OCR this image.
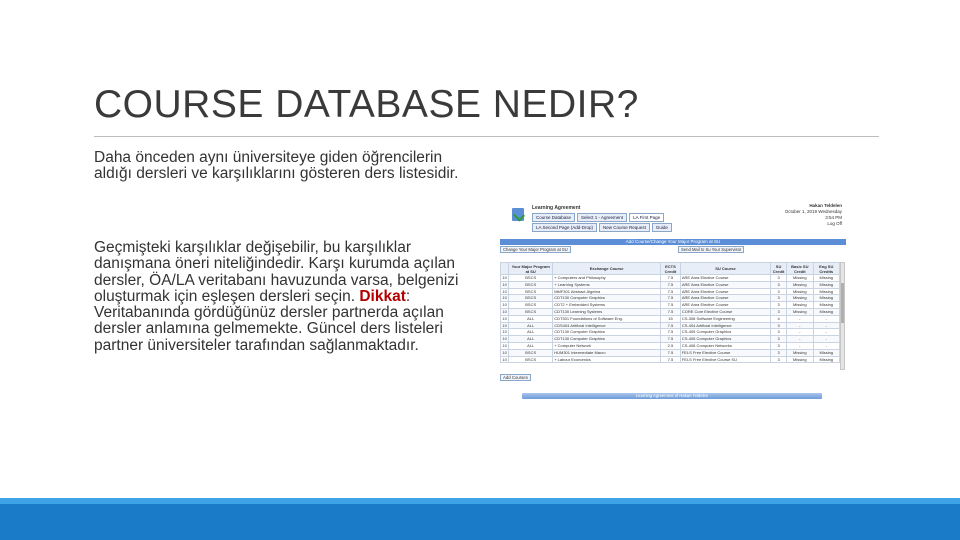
COURSE DATABASE NEDIR?
Daha önceden aynı üniversiteye giden öğrencilerin aldığı dersleri ve karşılıklarını gösteren ders listesidir.
Geçmişteki karşılıklar değişebilir, bu karşılıklar danışmana öneri niteliğindedir. Karşı kurumda açılan dersler, ÖA/LA veritabanı havuzunda varsa, belgenizi oluşturmak için eşleşen dersleri seçin. Dikkat: Veritabanında gördüğünüz dersler partnerda açılan dersler anlamına gelmemekte. Güncel ders listeleri partner üniversiteler tarafından sağlanmaktadır.
Learning Agreement
Course Database	Select 1 - Agreement	LA First Page
LA Second Page (Add-Drop)	New Course Request	Guide
Hakan Teldelen
October 1, 2019 Wednesday
3:54 PM
Log Off
Add Course/Change Your Major Program at SU
Change Your Major Program at SU	Send Mail to Su Your Supervisor
	Your Major Program at SU	Exchange Course	ECTS Credit	SU Course	SU Credit	Basic SU Credit	Eng SU Credits
10	BSCS	+ Computers and Philosophy	7.5	ARE Area Elective Course	3	Missing	Missing
10	BSCS	+ Learning Systems	7.5	ARE Area Elective Course	3	Missing	Missing
10	BSCS	MMF301 Abstract Algebra	7.5	ARE Area Elective Course	3	Missing	Missing
10	BSCS	CDT130 Computer Graphics	7.5	ARE Area Elective Course	3	Missing	Missing
10	BSCS	CDT2 + Embedded Systems	7.5	ARE Area Elective Course	3	Missing	Missing
10	BSCS	CDT130 Learning Systems	7.5	CORE Core Elective Course	3	Missing	Missing
10	ALL	CDT301 Foundations of Software Eng.	15	CS-308 Software Engineering	4	-	-
10	ALL	CDS404 Artificial Intelligence	7.5	CS-404 Artificial Intelligence	3	-	-
10	ALL	CDT130 Computer Graphics	7.5	CS-405 Computer Graphics	3	-	-
10	ALL	CDT130 Computer Graphics	7.5	CS-405 Computer Graphics	3	-	-
10	ALL	+ Computer Network	2.5	CS-408 Computer Networks	3	-	-
10	BSCS	HUM301 Intermediate Macro	7.5	FELS Free Elective Course	3	Missing	Missing
10	BSCS	+ Labour Economics	7.5	FELS Free Elective Course SU	3	Missing	Missing
Add Courses
Learning Agreement of Hakan Teldelen
